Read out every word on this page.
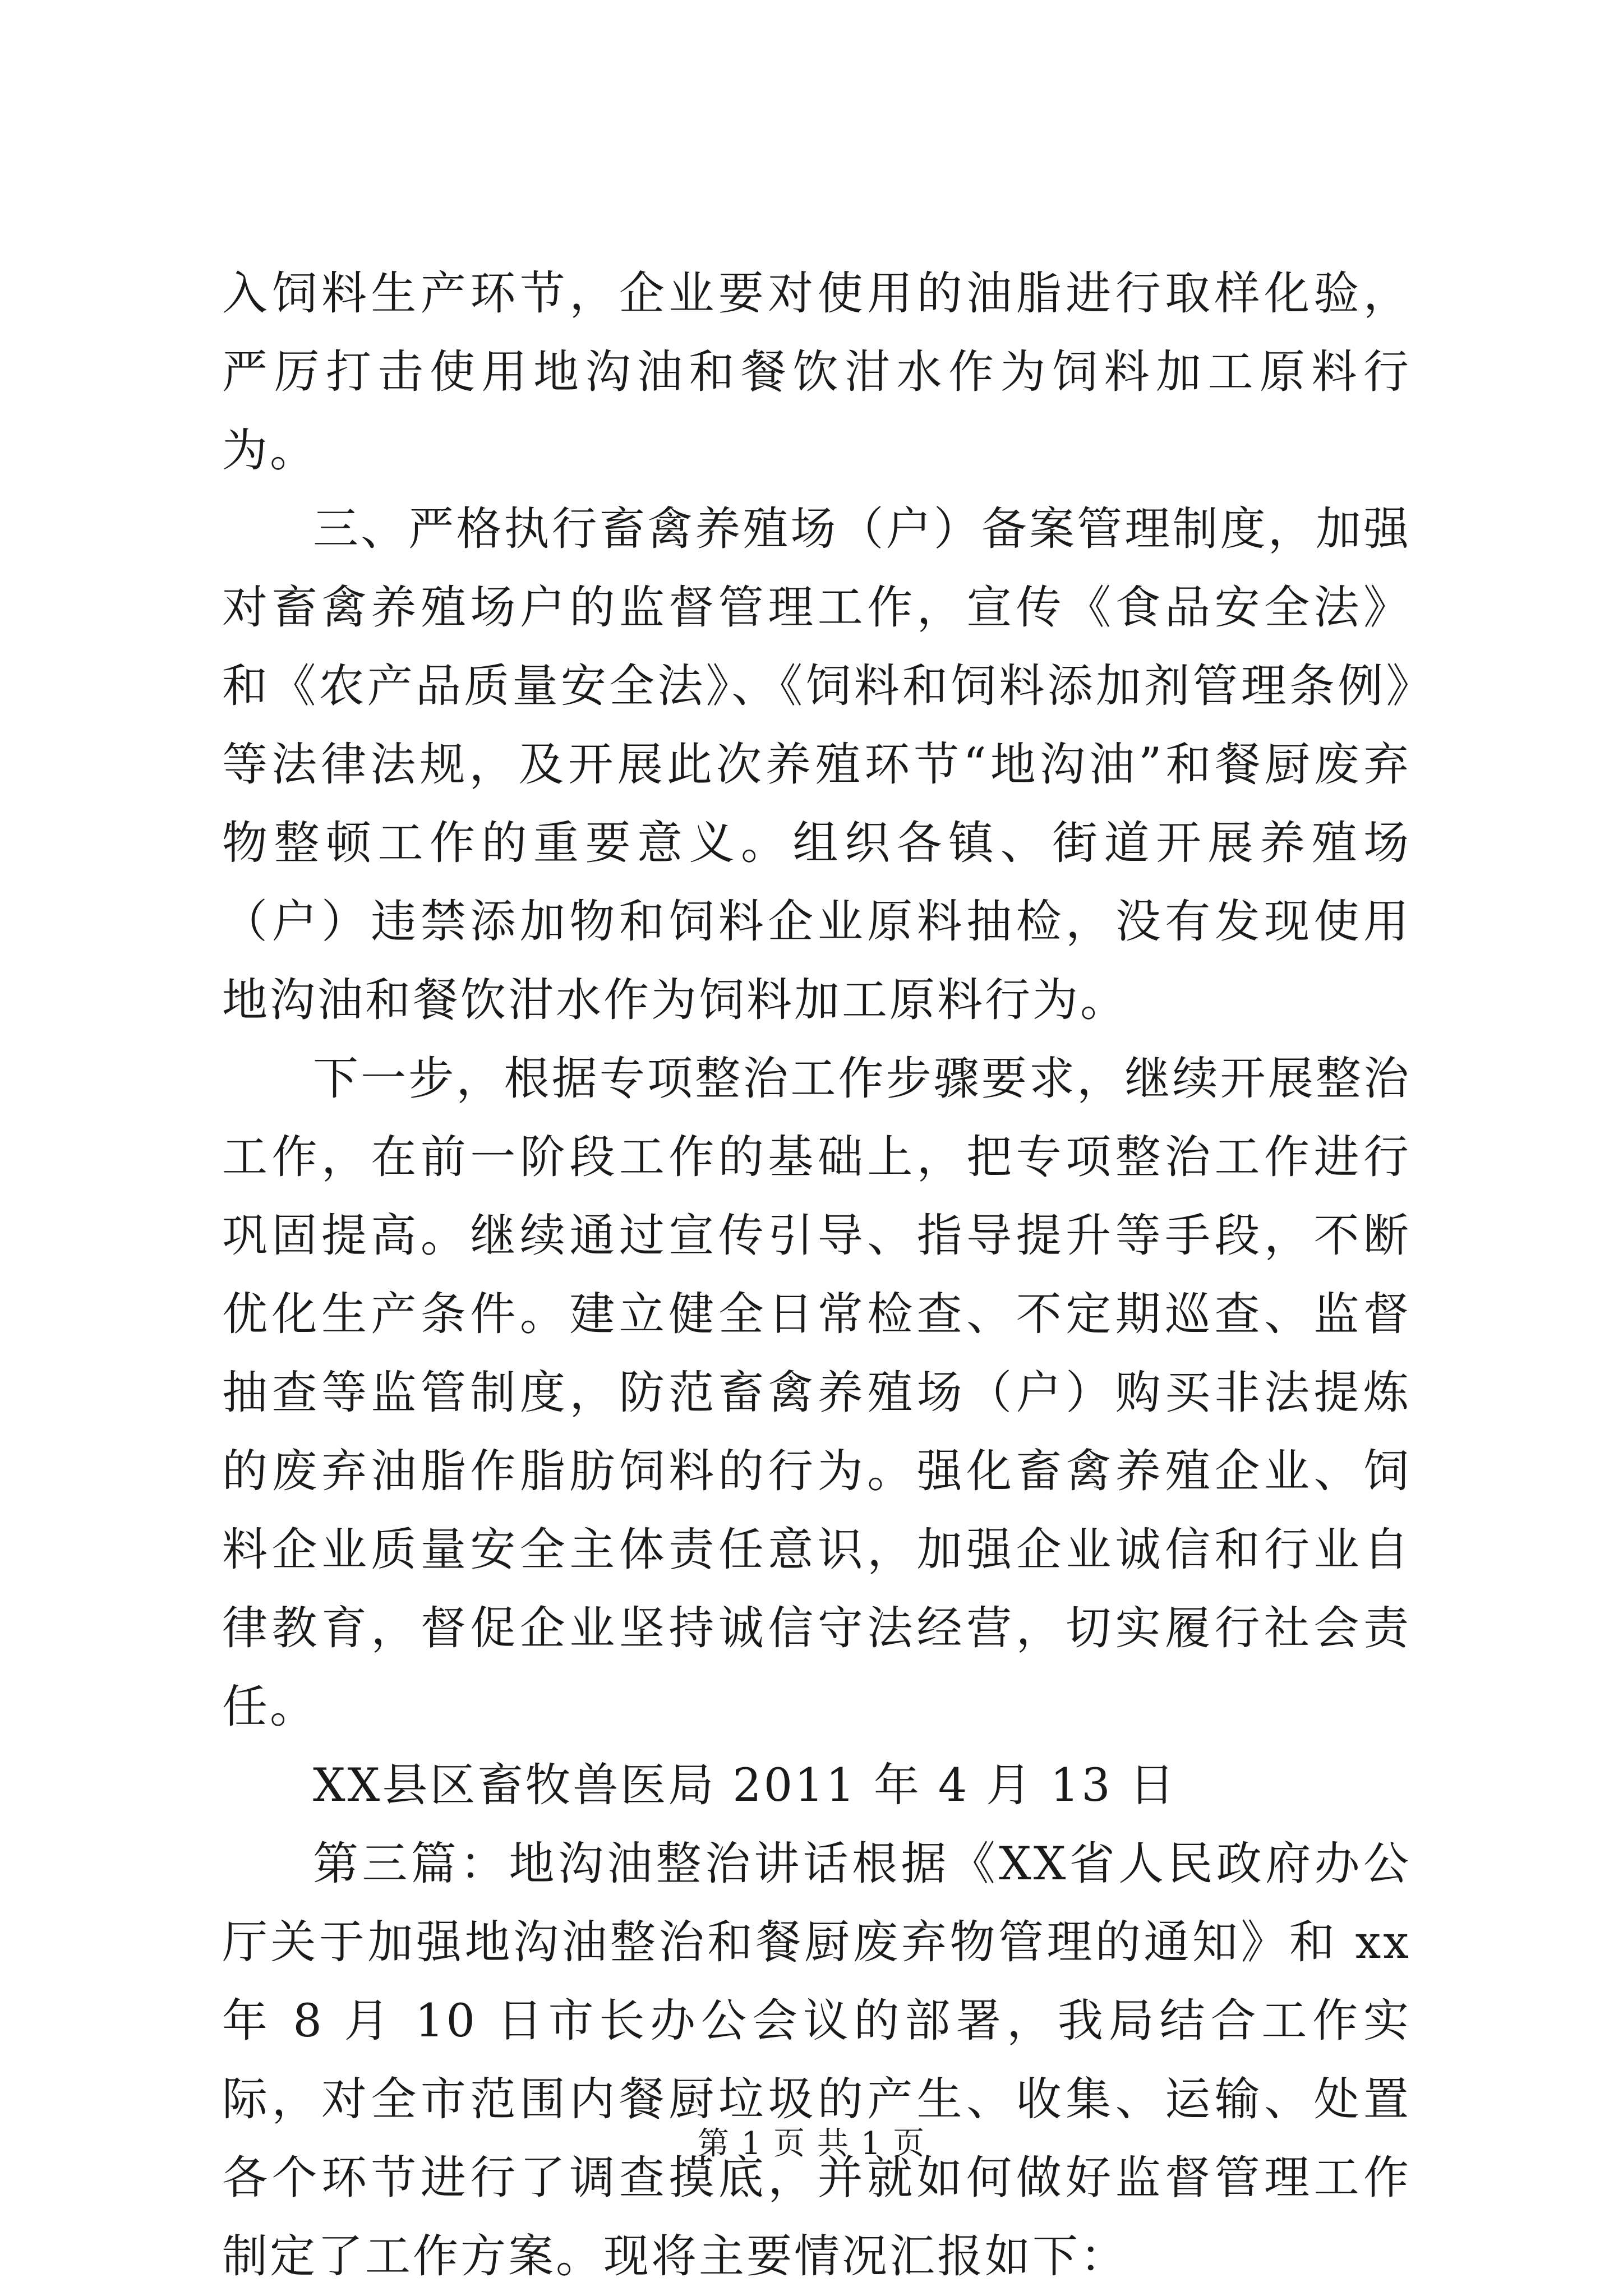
入饲料生产环节，企业要对使用的油脂进行取样化验，严厉打击使用地沟油和餐饮泔水作为饲料加工原料行为。

三、严格执行畜禽养殖场（户）备案管理制度，加强对畜禽养殖场户的监督管理工作，宣传《食品安全法》和《农产品质量安全法》、《饲料和饲料添加剂管理条例》等法律法规，及开展此次养殖环节“地沟油”和餐厨废弃物整顿工作的重要意义。组织各镇、街道开展养殖场（户）违禁添加物和饲料企业原料抽检，没有发现使用地沟油和餐饮泔水作为饲料加工原料行为。

下一步，根据专项整治工作步骤要求，继续开展整治工作，在前一阶段工作的基础上，把专项整治工作进行巩固提高。继续通过宣传引导、指导提升等手段，不断优化生产条件。建立健全日常检查、不定期巡查、监督抽查等监管制度，防范畜禽养殖场（户）购买非法提炼的废弃油脂作脂肪饲料的行为。强化畜禽养殖企业、饲料企业质量安全主体责任意识，加强企业诚信和行业自律教育，督促企业坚持诚信守法经营，切实履行社会责任。

XX县区畜牧兽医局 2011 年 4 月 13 日

第三篇：地沟油整治讲话根据《XX省人民政府办公厅关于加强地沟油整治和餐厨废弃物管理的通知》和 xx 年 8 月 10 日市长办公会议的部署，我局结合工作实际，对全市范围内餐厨垃圾的产生、收集、运输、处置各个环节进行了调查摸底，并就如何做好监督管理工作制定了工作方案。现将主要情况汇报如下：

第 1 页 共 1 页
